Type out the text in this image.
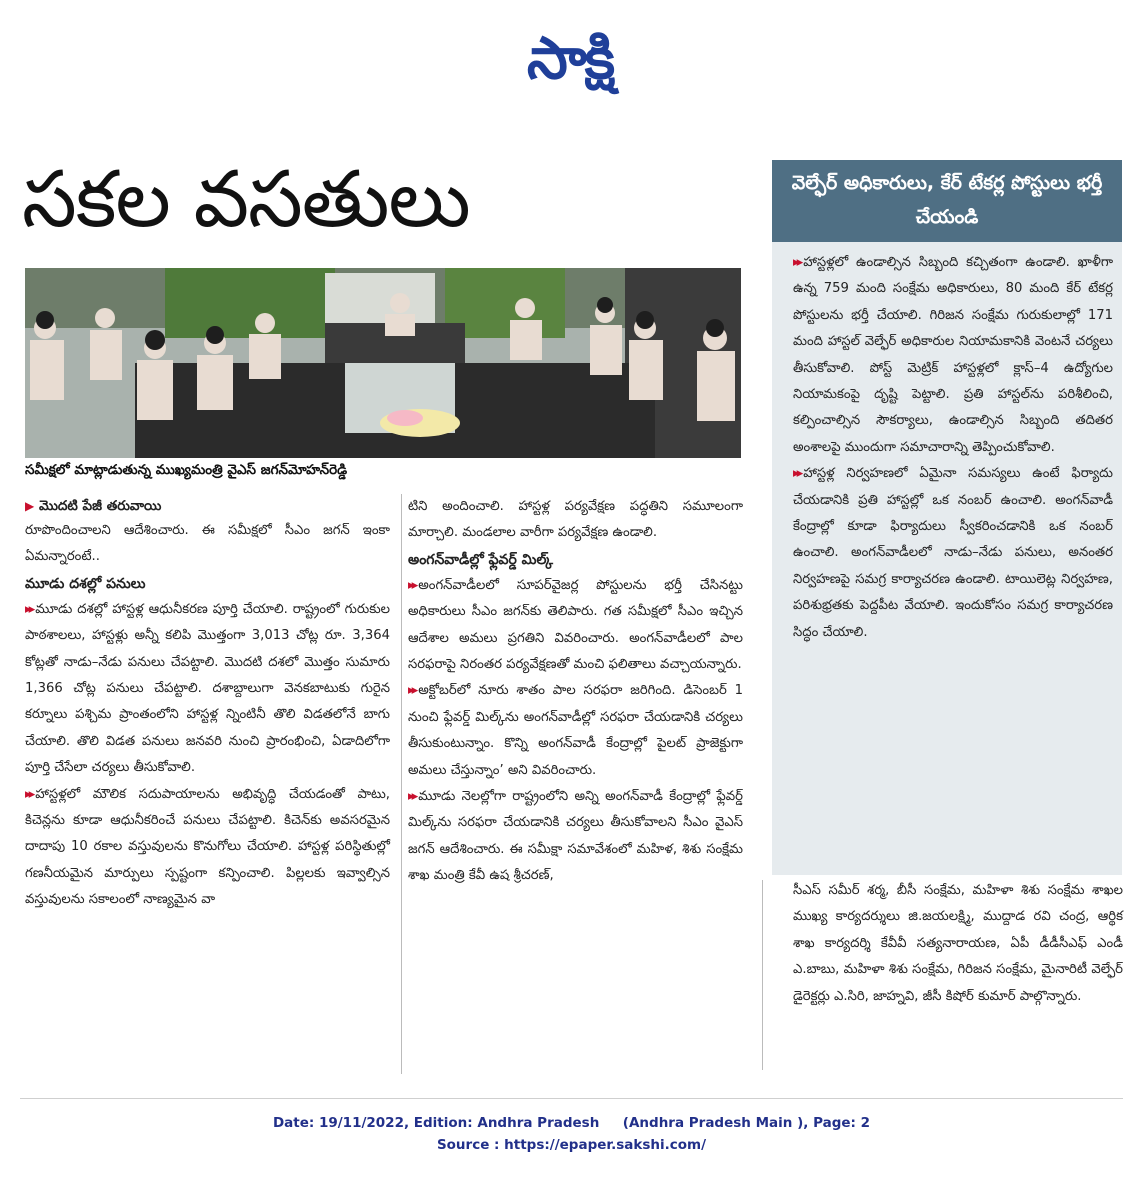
సాక్షి
సకల వసతులు
సమీక్షలో మాట్లాడుతున్న ముఖ్యమంత్రి వైఎస్‌ జగన్‌మోహన్‌రెడ్డి
▶ మొదటి పేజీ తరువాయి

రూపొందించాలని ఆదేశించారు. ఈ సమీక్షలో సీఎం జగన్‌ ఇంకా ఏమన్నారంటే..

మూడు దశల్లో పనులు

▸▸ మూడు దశల్లో హాస్టళ్ల ఆధునీకరణ పూర్తి చేయాలి. రాష్ట్రంలో గురుకుల పాఠశాలలు, హాస్టళ్లు అన్నీ కలిపి మొత్తంగా 3,013 చోట్ల రూ. 3,364 కోట్లతో నాడు–నేడు పనులు చేపట్టాలి. మొదటి దశలో మొత్తం సుమారు 1,366 చోట్ల పనులు చేపట్టాలి. దశాబ్దాలుగా వెనకబాటుకు గురైన కర్నూలు పశ్చిమ ప్రాంతంలోని హాస్టళ్ల న్నింటినీ తొలి విడతలోనే బాగు చేయాలి. తొలి విడత పనులు జనవరి నుంచి ప్రారంభించి, ఏడాదిలోగా పూర్తి చేసేలా చర్యలు తీసుకోవాలి.

▸▸ హాస్టళ్లలో మౌలిక సదుపాయాలను అభివృద్ధి చేయడంతో పాటు, కిచెన్లను కూడా ఆధునీకరించే పనులు చేపట్టాలి. కిచెన్‌కు అవసరమైన దాదాపు 10 రకాల వస్తువులను కొనుగోలు చేయాలి. హాస్టళ్ల పరిస్థితుల్లో గణనీయమైన మార్పులు స్పష్టంగా కన్పించాలి. పిల్లలకు ఇవ్వాల్సిన వస్తువులను సకాలంలో నాణ్యమైన వా

టిని అందించాలి. హాస్టళ్ల పర్యవేక్షణ పద్ధతిని సమూలంగా మార్చాలి. మండలాల వారీగా పర్యవేక్షణ ఉండాలి.

అంగన్‌వాడీల్లో ఫ్లేవర్డ్‌ మిల్క్‌

▸▸ అంగన్‌వాడీలలో సూపర్‌వైజర్ల పోస్టులను భర్తీ చేసినట్టు అధికారులు సీఎం జగన్‌కు తెలిపారు. గత సమీక్షలో సీఎం ఇచ్చిన ఆదేశాల అమలు ప్రగతిని వివరించారు. అంగన్‌వాడీలలో పాల సరఫరాపై నిరంతర పర్యవేక్షణతో మంచి ఫలితాలు వచ్చాయన్నారు.

▸▸ అక్టోబర్‌లో నూరు శాతం పాల సరఫరా జరిగింది. డిసెంబర్‌ 1 నుంచి ఫ్లేవర్డ్‌ మిల్క్‌ను అంగన్‌వాడీల్లో సరఫరా చేయడానికి చర్యలు తీసుకుంటున్నాం. కొన్ని అంగన్‌వాడీ కేంద్రాల్లో పైలట్‌ ప్రాజెక్టుగా అమలు చేస్తున్నాం’ అని వివరించారు.

▸▸ మూడు నెలల్లోగా రాష్ట్రంలోని అన్ని అంగన్‌వాడీ కేంద్రాల్లో ఫ్లేవర్డ్‌ మిల్క్‌ను సరఫరా చేయడానికి చర్యలు తీసుకోవాలని సీఎం వైఎస్‌ జగన్‌ ఆదేశించారు. ఈ సమీక్షా సమావేశంలో మహిళ, శిశు సంక్షేమ శాఖ మంత్రి కేవీ ఉష శ్రీచరణ్‌,

వెల్ఫేర్‌ అధికారులు, కేర్‌ టేకర్ల పోస్టులు భర్తీ చేయండి

▸▸ హాస్టళ్లలో ఉండాల్సిన సిబ్బంది కచ్చితంగా ఉండాలి. ఖాళీగా ఉన్న 759 మంది సంక్షేమ అధికారులు, 80 మంది కేర్‌ టేకర్ల పోస్టులను భర్తీ చేయాలి. గిరిజన సంక్షేమ గురుకులాల్లో 171 మంది హాస్టల్‌ వెల్ఫేర్‌ అధికారుల నియామకానికి వెంటనే చర్యలు తీసుకోవాలి. పోస్ట్‌ మెట్రిక్‌ హాస్టళ్లలో క్లాస్‌–4 ఉద్యోగుల నియామకంపై దృష్టి పెట్టాలి. ప్రతి హాస్టల్‌ను పరిశీలించి, కల్పించాల్సిన సౌకర్యాలు, ఉండాల్సిన సిబ్బంది తదితర అంశాలపై ముందుగా సమాచారాన్ని తెప్పించుకోవాలి.

▸▸ హాస్టళ్ల నిర్వహణలో ఏమైనా సమస్యలు ఉంటే ఫిర్యాదు చేయడానికి ప్రతి హాస్టల్లో ఒక నంబర్‌ ఉంచాలి. అంగన్‌వాడీ కేంద్రాల్లో కూడా ఫిర్యాదులు స్వీకరించడానికి ఒక నంబర్‌ ఉంచాలి. అంగన్‌వాడీలలో నాడు–నేడు పనులు, అనంతర నిర్వహణపై సమగ్ర కార్యాచరణ ఉండాలి. టాయిలెట్ల నిర్వహణ, పరిశుభ్రతకు పెద్దపీట వేయాలి. ఇందుకోసం సమగ్ర కార్యాచరణ సిద్ధం చేయాలి.

సీఎస్‌ సమీర్‌ శర్మ, బీసీ సంక్షేమ, మహిళా శిశు సంక్షేమ శాఖల ముఖ్య కార్యదర్శులు జి.జయలక్ష్మి, ముద్దాడ రవి చంద్ర, ఆర్థిక శాఖ కార్యదర్శి కేవీవీ సత్యనారాయణ, ఏపీ డీడీసీఎఫ్‌ ఎండీ ఎ.బాబు, మహిళా శిశు సంక్షేమ, గిరిజన సంక్షేమ, మైనారిటీ వెల్ఫేర్‌ డైరెక్టర్లు ఎ.సిరి, జాహ్నవి, జీసీ కిషోర్‌ కుమార్‌ పాల్గొన్నారు.

Date: 19/11/2022, Edition: Andhra Pradesh     (Andhra Pradesh Main ), Page: 2
Source : https://epaper.sakshi.com/
